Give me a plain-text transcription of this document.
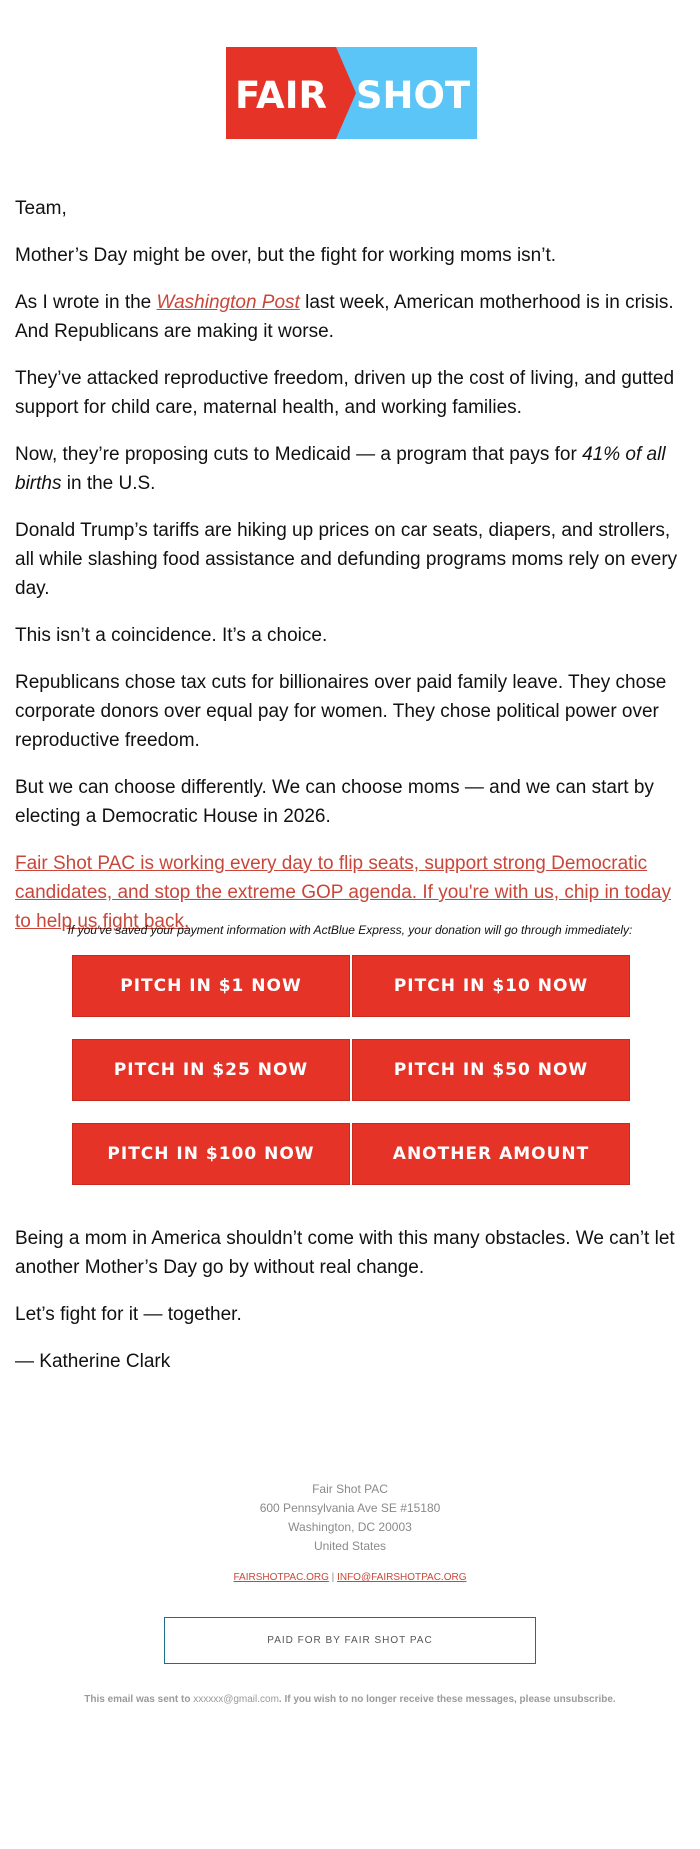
FAIR SHOT

Team,

Mother’s Day might be over, but the fight for working moms isn’t.

As I wrote in the Washington Post last week, American motherhood is in crisis. And Republicans are making it worse.

They’ve attacked reproductive freedom, driven up the cost of living, and gutted support for child care, maternal health, and working families.

Now, they’re proposing cuts to Medicaid — a program that pays for 41% of all births in the U.S.

Donald Trump’s tariffs are hiking up prices on car seats, diapers, and strollers, all while slashing food assistance and defunding programs moms rely on every day.

This isn’t a coincidence. It’s a choice.

Republicans chose tax cuts for billionaires over paid family leave. They chose corporate donors over equal pay for women. They chose political power over reproductive freedom.

But we can choose differently. We can choose moms — and we can start by electing a Democratic House in 2026.

Fair Shot PAC is working every day to flip seats, support strong Democratic candidates, and stop the extreme GOP agenda. If you're with us, chip in today to help us fight back.
If you've saved your payment information with ActBlue Express, your donation will go through immediately:
PITCH IN $1 NOW	PITCH IN $10 NOW
PITCH IN $25 NOW	PITCH IN $50 NOW
PITCH IN $100 NOW	ANOTHER AMOUNT

Being a mom in America shouldn’t come with this many obstacles. We can’t let another Mother’s Day go by without real change.

Let’s fight for it — together.

— Katherine Clark

Fair Shot PAC
600 Pennsylvania Ave SE #15180
Washington, DC 20003
United States
FAIRSHOTPAC.ORG | INFO@FAIRSHOTPAC.ORG
PAID FOR BY FAIR SHOT PAC
This email was sent to xxxxxx@gmail.com. If you wish to no longer receive these messages, please unsubscribe.
